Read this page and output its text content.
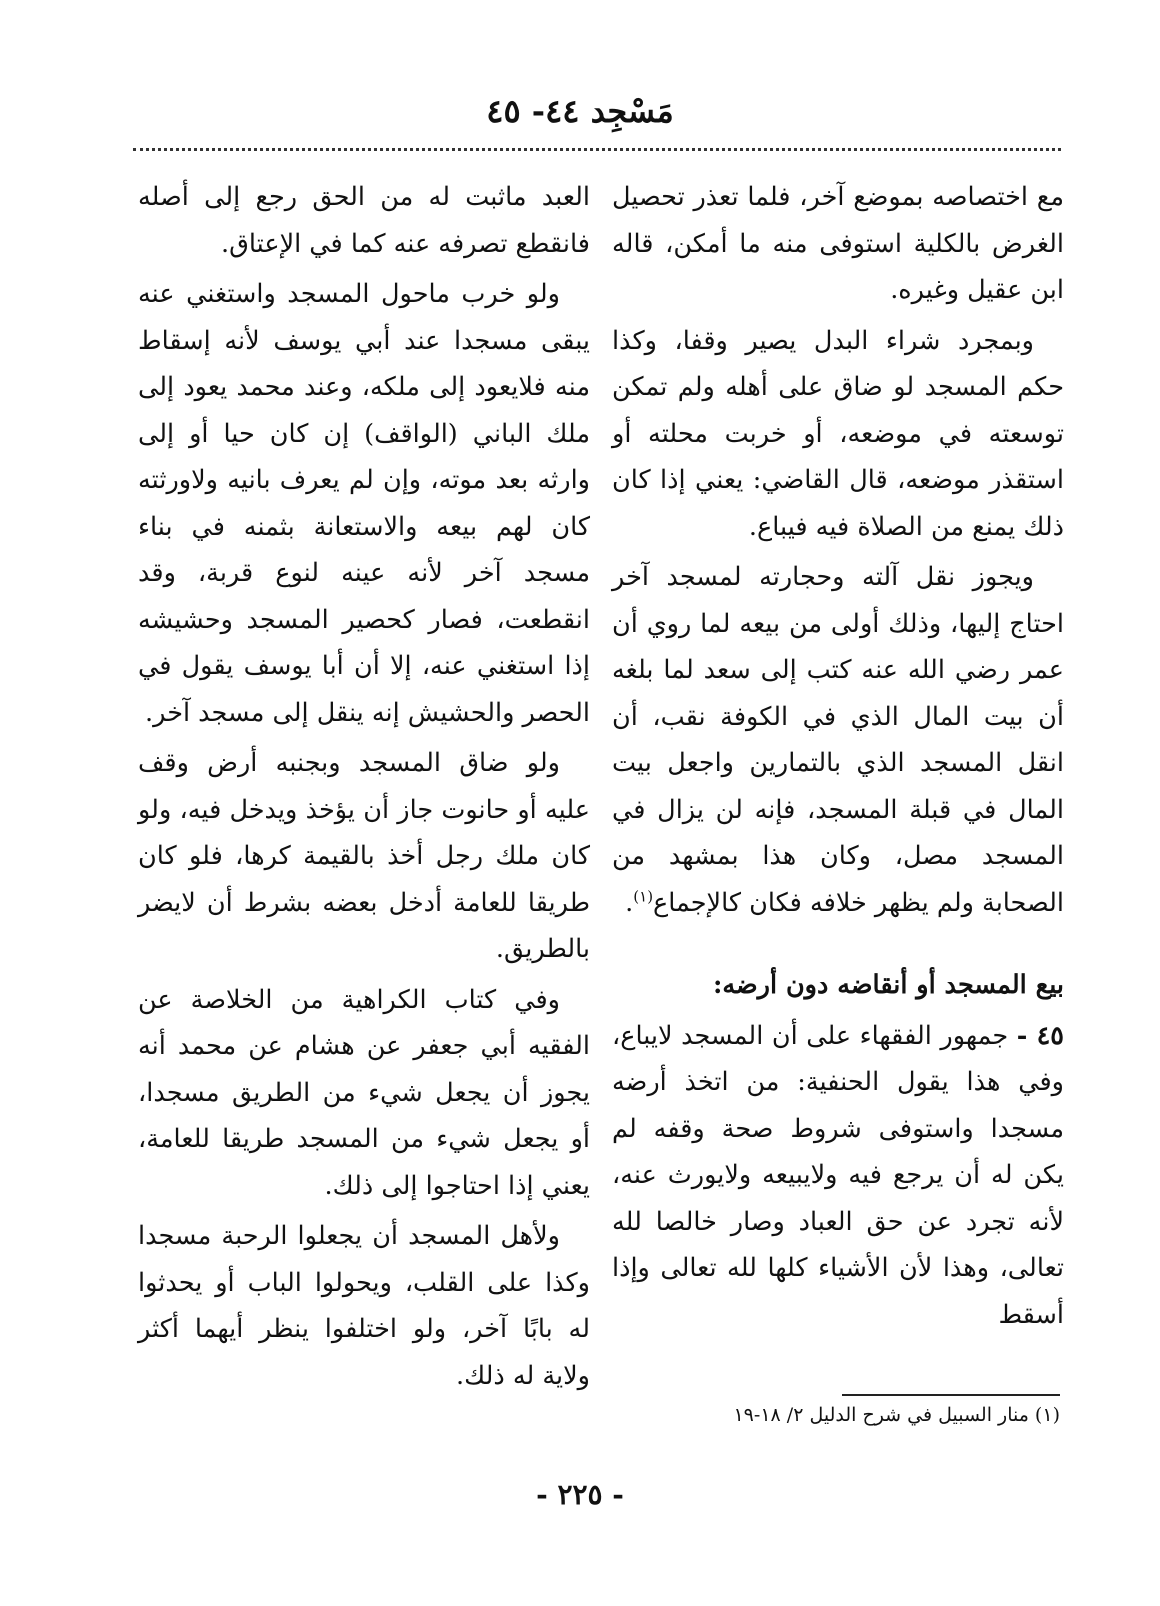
مَسْجِد ٤٤- ٤٥

مع اختصاصه بموضع آخر، فلما تعذر تحصيل الغرض بالكلية استوفى منه ما أمكن، قاله ابن عقيل وغيره.

وبمجرد شراء البدل يصير وقفا، وكذا حكم المسجد لو ضاق على أهله ولم تمكن توسعته في موضعه، أو خربت محلته أو استقذر موضعه، قال القاضي: يعني إذا كان ذلك يمنع من الصلاة فيه فيباع.

ويجوز نقل آلته وحجارته لمسجد آخر احتاج إليها، وذلك أولى من بيعه لما روي أن عمر رضي الله عنه كتب إلى سعد لما بلغه أن بيت المال الذي في الكوفة نقب، أن انقل المسجد الذي بالتمارين واجعل بيت المال في قبلة المسجد، فإنه لن يزال في المسجد مصل، وكان هذا بمشهد من الصحابة ولم يظهر خلافه فكان كالإجماع$^{(١)}$.

بيع المسجد أو أنقاضه دون أرضه:

٤٥ - جمهور الفقهاء على أن المسجد لايباع، وفي هذا يقول الحنفية: من اتخذ أرضه مسجدا واستوفى شروط صحة وقفه لم يكن له أن يرجع فيه ولايبيعه ولايورث عنه، لأنه تجرد عن حق العباد وصار خالصا لله تعالى، وهذا لأن الأشياء كلها لله تعالى وإذا أسقط

العبد ماثبت له من الحق رجع إلى أصله فانقطع تصرفه عنه كما في الإعتاق.

ولو خرب ماحول المسجد واستغني عنه يبقى مسجدا عند أبي يوسف لأنه إسقاط منه فلايعود إلى ملكه، وعند محمد يعود إلى ملك الباني (الواقف) إن كان حيا أو إلى وارثه بعد موته، وإن لم يعرف بانيه ولاورثته كان لهم بيعه والاستعانة بثمنه في بناء مسجد آخر لأنه عينه لنوع قربة، وقد انقطعت، فصار كحصير المسجد وحشيشه إذا استغني عنه، إلا أن أبا يوسف يقول في الحصر والحشيش إنه ينقل إلى مسجد آخر.

ولو ضاق المسجد وبجنبه أرض وقف عليه أو حانوت جاز أن يؤخذ ويدخل فيه، ولو كان ملك رجل أخذ بالقيمة كرها، فلو كان طريقا للعامة أدخل بعضه بشرط أن لايضر بالطريق.

وفي كتاب الكراهية من الخلاصة عن الفقيه أبي جعفر عن هشام عن محمد أنه يجوز أن يجعل شيء من الطريق مسجدا، أو يجعل شيء من المسجد طريقا للعامة، يعني إذا احتاجوا إلى ذلك.

ولأهل المسجد أن يجعلوا الرحبة مسجدا وكذا على القلب، ويحولوا الباب أو يحدثوا له بابًا آخر، ولو اختلفوا ينظر أيهما أكثر ولاية له ذلك.

(١) منار السبيل في شرح الدليل ٢/ ١٨-١٩
- ٢٢٥ -
